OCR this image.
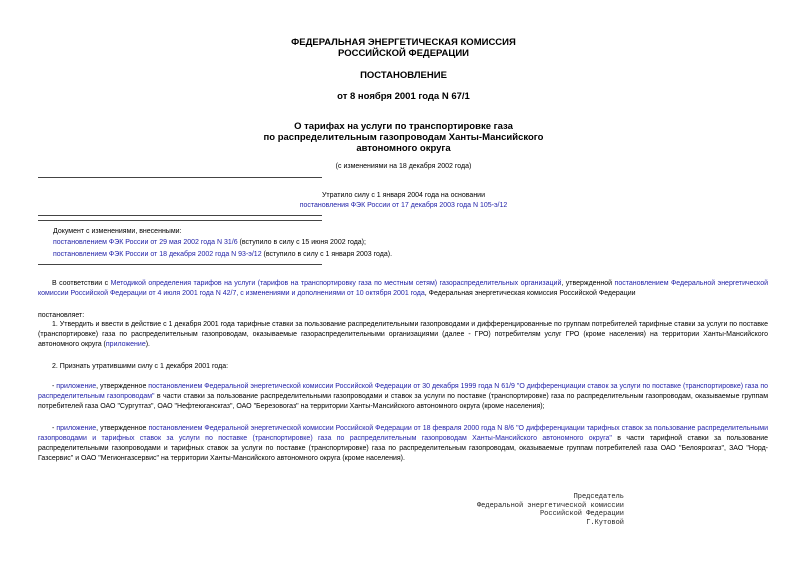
ФЕДЕРАЛЬНАЯ ЭНЕРГЕТИЧЕСКАЯ КОМИССИЯ
РОССИЙСКОЙ ФЕДЕРАЦИИ
ПОСТАНОВЛЕНИЕ
от 8 ноября 2001 года N 67/1
О тарифах на услуги по транспортировке газа
по распределительным газопроводам Ханты-Мансийского
автономного округа
(с изменениями на 18 декабря 2002 года)
Утратило силу с 1 января 2004 года на основании
постановления ФЭК России от 17 декабря 2003 года N 105-э/12
Документ с изменениями, внесенными:
постановлением ФЭК России от 29 мая 2002 года N 31/6 (вступило в силу с 15 июня 2002 года);
постановлением ФЭК России от 18 декабря 2002 года N 93-э/12 (вступило в силу с 1 января 2003 года).
В соответствии с Методикой определения тарифов на услуги (тарифов на транспортировку газа по местным сетям) газораспределительных организаций, утвержденной постановлением Федеральной энергетической комиссии Российской Федерации от 4 июля 2001 года N 42/7, с изменениями и дополнениями от 10 октября 2001 года, Федеральная энергетическая комиссия Российской Федерации
постановляет:
1. Утвердить и ввести в действие с 1 декабря 2001 года тарифные ставки за пользование распределительными газопроводами и дифференцированные по группам потребителей тарифные ставки за услуги по поставке (транспортировке) газа по распределительным газопроводам, оказываемые газораспределительными организациями (далее - ГРО) потребителям услуг ГРО (кроме населения) на территории Ханты-Мансийского автономного округа (приложение).
2. Признать утратившими силу с 1 декабря 2001 года:
- приложение, утвержденное постановлением Федеральной энергетической комиссии Российской Федерации от 30 декабря 1999 года N 61/9 "О дифференциации ставок за услуги по поставке (транспортировке) газа по распределительным газопроводам" в части ставки за пользование распределительными газопроводами и ставок за услуги по поставке (транспортировке) газа по распределительным газопроводам, оказываемые группам потребителей газа ОАО "Сургутгаз", ОАО "Нефтеюганскгаз", ОАО "Березовогаз" на территории Ханты-Мансийского автономного округа (кроме населения);
- приложение, утвержденное постановлением Федеральной энергетической комиссии Российской Федерации от 18 февраля 2000 года N 8/6 "О дифференциации тарифных ставок за пользование распределительными газопроводами и тарифных ставок за услуги по поставке (транспортировке) газа по распределительным газопроводам Ханты-Мансийского автономного округа" в части тарифной ставки за пользование распределительными газопроводами и тарифных ставок за услуги по поставке (транспортировке) газа по распределительным газопроводам, оказываемые группам потребителей газа ОАО "Белоярскгаз", ЗАО "Норд-Газсервис" и ОАО "Мегионгазсервис" на территории Ханты-Мансийского автономного округа (кроме населения).
Председатель
Федеральной энергетической комиссии
Российской Федерации
Г.Кутовой
